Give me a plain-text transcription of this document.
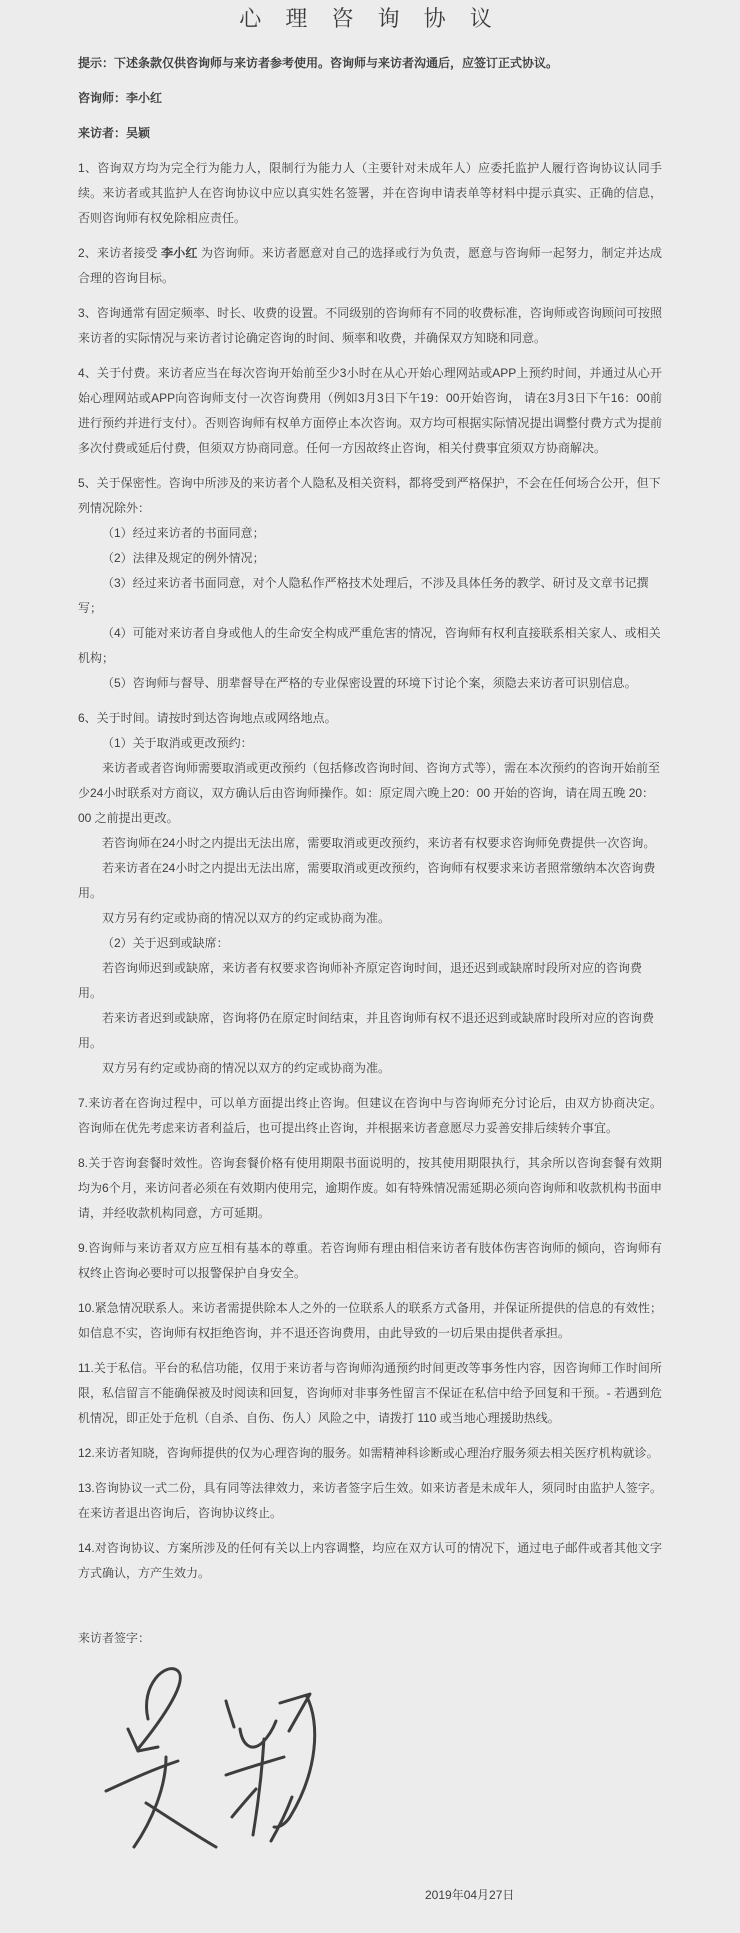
心 理 咨 询 协 议

提示：下述条款仅供咨询师与来访者参考使用。咨询师与来访者沟通后，应签订正式协议。

咨询师：李小红

来访者：吴颖

1、咨询双方均为完全行为能力人，限制行为能力人（主要针对未成年人）应委托监护人履行咨询协议认同手续。来访者或其监护人在咨询协议中应以真实姓名签署，并在咨询申请表单等材料中提示真实、正确的信息，否则咨询师有权免除相应责任。

2、来访者接受 李小红 为咨询师。来访者愿意对自己的选择或行为负责，愿意与咨询师一起努力，制定并达成合理的咨询目标。

3、咨询通常有固定频率、时长、收费的设置。不同级别的咨询师有不同的收费标准，咨询师或咨询顾问可按照来访者的实际情况与来访者讨论确定咨询的时间、频率和收费，并确保双方知晓和同意。

4、关于付费。来访者应当在每次咨询开始前至少3小时在从心开始心理网站或APP上预约时间，并通过从心开始心理网站或APP向咨询师支付一次咨询费用（例如3月3日下午19：00开始咨询， 请在3月3日下午16：00前进行预约并进行支付）。否则咨询师有权单方面停止本次咨询。双方均可根据实际情况提出调整付费方式为提前多次付费或延后付费，但须双方协商同意。任何一方因故终止咨询，相关付费事宜须双方协商解决。

5、关于保密性。咨询中所涉及的来访者个人隐私及相关资料，都将受到严格保护，不会在任何场合公开，但下列情况除外：
（1）经过来访者的书面同意；
（2）法律及规定的例外情况；
（3）经过来访者书面同意，对个人隐私作严格技术处理后，不涉及具体任务的教学、研讨及文章书记撰写；
（4）可能对来访者自身或他人的生命安全构成严重危害的情况，咨询师有权利直接联系相关家人、或相关机构；
（5）咨询师与督导、朋辈督导在严格的专业保密设置的环境下讨论个案，须隐去来访者可识别信息。
6、关于时间。请按时到达咨询地点或网络地点。
（1）关于取消或更改预约：
来访者或者咨询师需要取消或更改预约（包括修改咨询时间、咨询方式等），需在本次预约的咨询开始前至少24小时联系对方商议，双方确认后由咨询师操作。如：原定周六晚上20：00 开始的咨询，请在周五晚 20：00 之前提出更改。
若咨询师在24小时之内提出无法出席，需要取消或更改预约，来访者有权要求咨询师免费提供一次咨询。
若来访者在24小时之内提出无法出席，需要取消或更改预约，咨询师有权要求来访者照常缴纳本次咨询费用。
双方另有约定或协商的情况以双方的约定或协商为准。
（2）关于迟到或缺席：
若咨询师迟到或缺席，来访者有权要求咨询师补齐原定咨询时间，退还迟到或缺席时段所对应的咨询费用。
若来访者迟到或缺席，咨询将仍在原定时间结束，并且咨询师有权不退还迟到或缺席时段所对应的咨询费用。
双方另有约定或协商的情况以双方的约定或协商为准。

7.来访者在咨询过程中，可以单方面提出终止咨询。但建议在咨询中与咨询师充分讨论后，由双方协商决定。咨询师在优先考虑来访者利益后，也可提出终止咨询，并根据来访者意愿尽力妥善安排后续转介事宜。

8.关于咨询套餐时效性。咨询套餐价格有使用期限书面说明的，按其使用期限执行，其余所以咨询套餐有效期均为6个月，来访问者必须在有效期内使用完，逾期作废。如有特殊情况需延期必须向咨询师和收款机构书面申请，并经收款机构同意，方可延期。

9.咨询师与来访者双方应互相有基本的尊重。若咨询师有理由相信来访者有肢体伤害咨询师的倾向，咨询师有权终止咨询必要时可以报警保护自身安全。

10.紧急情况联系人。来访者需提供除本人之外的一位联系人的联系方式备用，并保证所提供的信息的有效性；如信息不实，咨询师有权拒绝咨询，并不退还咨询费用，由此导致的一切后果由提供者承担。

11.关于私信。平台的私信功能，仅用于来访者与咨询师沟通预约时间更改等事务性内容，因咨询师工作时间所限，私信留言不能确保被及时阅读和回复，咨询师对非事务性留言不保证在私信中给予回复和干预。- 若遇到危机情况，即正处于危机（自杀、自伤、伤人）风险之中，请拨打 110 或当地心理援助热线。

12.来访者知晓，咨询师提供的仅为心理咨询的服务。如需精神科诊断或心理治疗服务须去相关医疗机构就诊。

13.咨询协议一式二份，具有同等法律效力，来访者签字后生效。如来访者是未成年人，须同时由监护人签字。在来访者退出咨询后，咨询协议终止。

14.对咨询协议、方案所涉及的任何有关以上内容调整，均应在双方认可的情况下，通过电子邮件或者其他文字方式确认，方产生效力。

来访者签字：
2019年04月27日
